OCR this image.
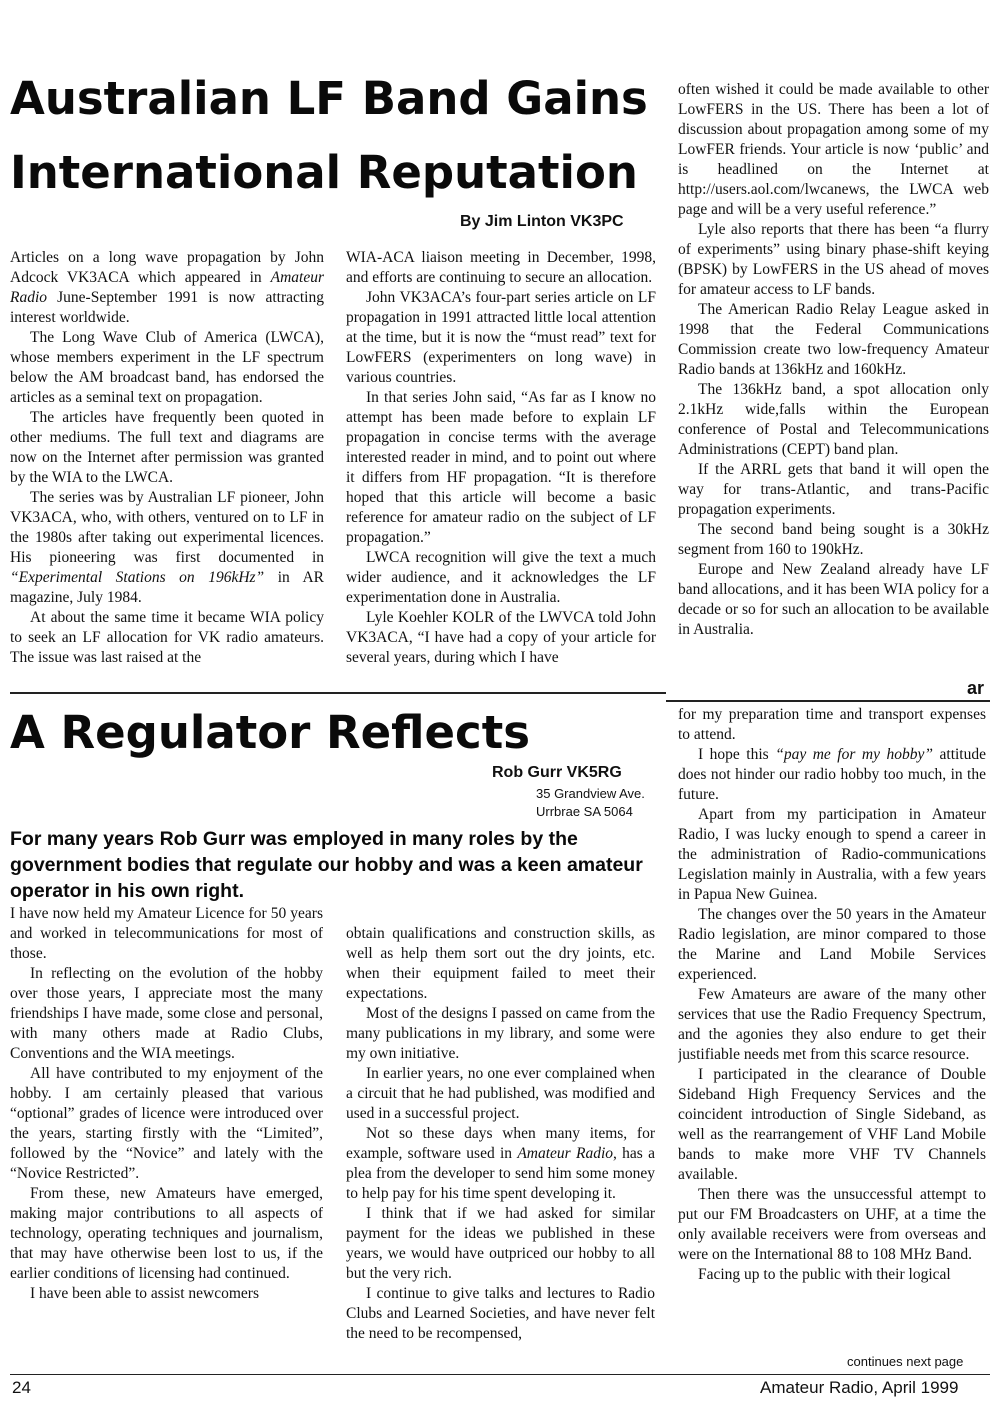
Australian LF Band Gains
International Reputation
By Jim Linton VK3PC

Articles on a long wave propagation by John Adcock VK3ACA which appeared in Amateur Radio June-September 1991 is now attracting interest worldwide.

The Long Wave Club of America (LWCA), whose members experiment in the LF spectrum below the AM broadcast band, has endorsed the articles as a seminal text on propagation.

The articles have frequently been quoted in other mediums. The full text and diagrams are now on the Internet after permission was granted by the WIA to the LWCA.

The series was by Australian LF pioneer, John VK3ACA, who, with others, ventured on to LF in the 1980s after taking out experimental licences. His pioneering was first documented in “Experimental Stations on 196kHz” in AR magazine, July 1984.

At about the same time it became WIA policy to seek an LF allocation for VK radio amateurs. The issue was last raised at the

WIA-ACA liaison meeting in December, 1998, and efforts are continuing to secure an allocation.

John VK3ACA’s four-part series article on LF propagation in 1991 attracted little local attention at the time, but it is now the “must read” text for LowFERS (experimenters on long wave) in various countries.

In that series John said, “As far as I know no attempt has been made before to explain LF propagation in concise terms with the average interested reader in mind, and to point out where it differs from HF propagation. “It is therefore hoped that this article will become a basic reference for amateur radio on the subject of LF propagation.”

LWCA recognition will give the text a much wider audience, and it acknowledges the LF experimentation done in Australia.

Lyle Koehler KOLR of the LWVCA told John VK3ACA, “I have had a copy of your article for several years, during which I have

often wished it could be made available to other LowFERS in the US. There has been a lot of discussion about propagation among some of my LowFER friends. Your article is now ‘public’ and is headlined on the Internet at http://users.aol.com/lwcanews, the LWCA web page and will be a very useful reference.”

Lyle also reports that there has been “a flurry of experiments” using binary phase-shift keying (BPSK) by LowFERS in the US ahead of moves for amateur access to LF bands.

The American Radio Relay League asked in 1998 that the Federal Communications Commission create two low-frequency Amateur Radio bands at 136kHz and 160kHz.

The 136kHz band, a spot allocation only 2.1kHz wide,falls within the European conference of Postal and Telecommunications Administrations (CEPT) band plan.

If the ARRL gets that band it will open the way for trans-Atlantic, and trans-Pacific propagation experiments.

The second band being sought is a 30kHz segment from 160 to 190kHz.

Europe and New Zealand already have LF band allocations, and it has been WIA policy for a decade or so for such an allocation to be available in Australia.

ar
A Regulator Reflects
Rob Gurr VK5RG
35 Grandview Ave.
Urrbrae SA 5064

For many years Rob Gurr was employed in many roles by the government bodies that regulate our hobby and was a keen amateur operator in his own right.

I have now held my Amateur Licence for 50 years and worked in telecommunications for most of those.

In reflecting on the evolution of the hobby over those years, I appreciate most the many friendships I have made, some close and personal, with many others made at Radio Clubs, Conventions and the WIA meetings.

All have contributed to my enjoyment of the hobby. I am certainly pleased that various “optional” grades of licence were introduced over the years, starting firstly with the “Limited”, followed by the “Novice” and lately with the “Novice Restricted”.

From these, new Amateurs have emerged, making major contributions to all aspects of technology, operating techniques and journalism, that may have otherwise been lost to us, if the earlier conditions of licensing had continued.

I have been able to assist newcomers

obtain qualifications and construction skills, as well as help them sort out the dry joints, etc. when their equipment failed to meet their expectations.

Most of the designs I passed on came from the many publications in my library, and some were my own initiative.

In earlier years, no one ever complained when a circuit that he had published, was modified and used in a successful project.

Not so these days when many items, for example, software used in Amateur Radio, has a plea from the developer to send him some money to help pay for his time spent developing it.

I think that if we had asked for similar payment for the ideas we published in these years, we would have outpriced our hobby to all but the very rich.

I continue to give talks and lectures to Radio Clubs and Learned Societies, and have never felt the need to be recompensed,

for my preparation time and transport expenses to attend.

I hope this “pay me for my hobby” attitude does not hinder our radio hobby too much, in the future.

Apart from my participation in Amateur Radio, I was lucky enough to spend a career in the administration of Radio-communications Legislation mainly in Australia, with a few years in Papua New Guinea.

The changes over the 50 years in the Amateur Radio legislation, are minor compared to those the Marine and Land Mobile Services experienced.

Few Amateurs are aware of the many other services that use the Radio Frequency Spectrum, and the agonies they also endure to get their justifiable needs met from this scarce resource.

I participated in the clearance of Double Sideband High Frequency Services and the coincident introduction of Single Sideband, as well as the rearrangement of VHF Land Mobile bands to make more VHF TV Channels available.

Then there was the unsuccessful attempt to put our FM Broadcasters on UHF, at a time the only available receivers were from overseas and were on the International 88 to 108 MHz Band.

Facing up to the public with their logical

continues next page
24	Amateur Radio, April 1999
